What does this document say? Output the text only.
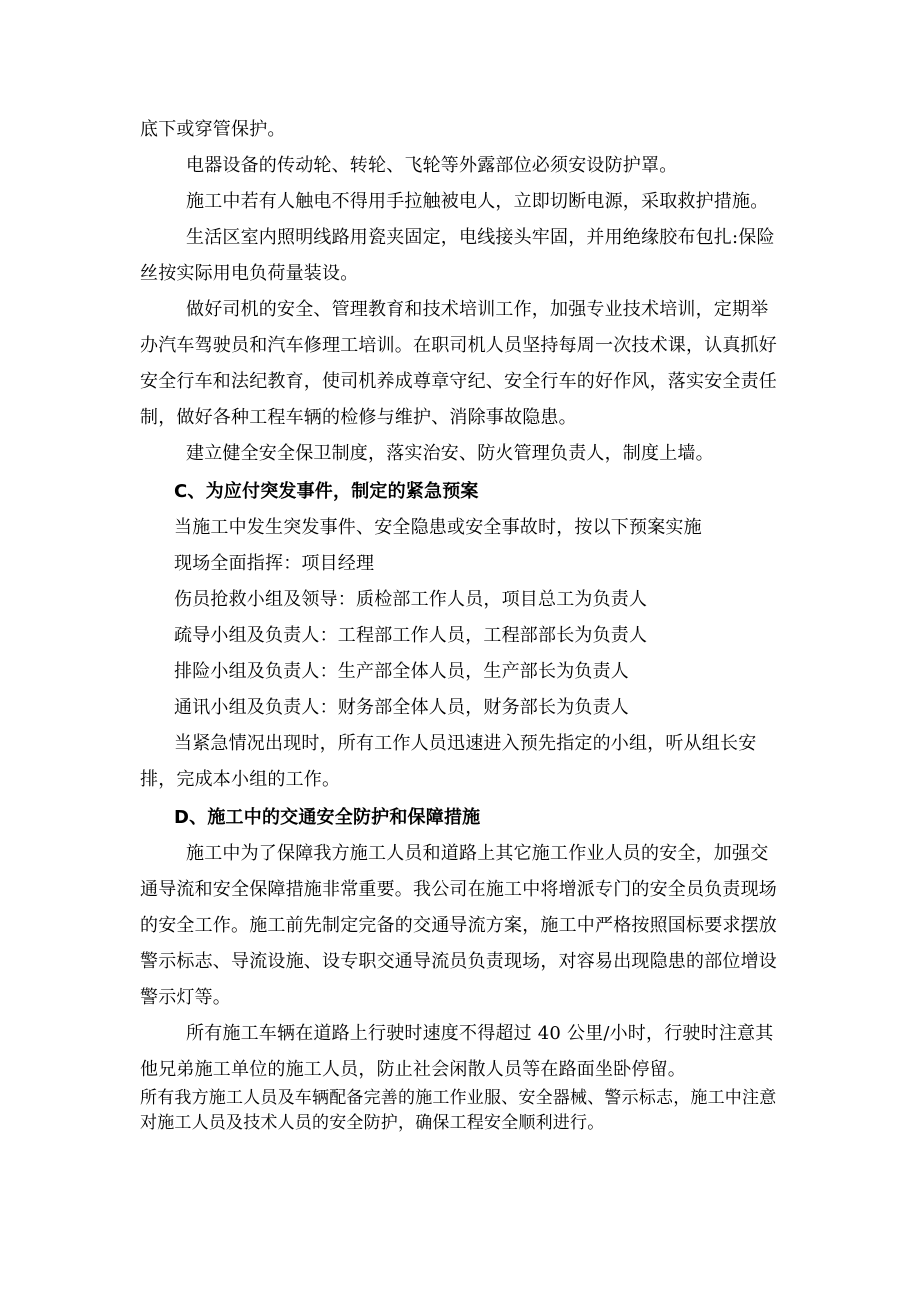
底下或穿管保护。

电器设备的传动轮、转轮、飞轮等外露部位必须安设防护罩。

施工中若有人触电不得用手拉触被电人，立即切断电源，采取救护措施。

生活区室内照明线路用瓷夹固定，电线接头牢固，并用绝缘胶布包扎:保险丝按实际用电负荷量装设。

做好司机的安全、管理教育和技术培训工作，加强专业技术培训，定期举办汽车驾驶员和汽车修理工培训。在职司机人员坚持每周一次技术课，认真抓好安全行车和法纪教育，使司机养成尊章守纪、安全行车的好作风，落实安全责任制，做好各种工程车辆的检修与维护、消除事故隐患。

建立健全安全保卫制度，落实治安、防火管理负责人，制度上墙。

C、为应付突发事件，制定的紧急预案

当施工中发生突发事件、安全隐患或安全事故时，按以下预案实施

现场全面指挥：项目经理

伤员抢救小组及领导：质检部工作人员，项目总工为负责人

疏导小组及负责人：工程部工作人员，工程部部长为负责人

排险小组及负责人：生产部全体人员，生产部长为负责人

通讯小组及负责人：财务部全体人员，财务部长为负责人

当紧急情况出现时，所有工作人员迅速进入预先指定的小组，听从组长安排，完成本小组的工作。

D、施工中的交通安全防护和保障措施

施工中为了保障我方施工人员和道路上其它施工作业人员的安全，加强交通导流和安全保障措施非常重要。我公司在施工中将增派专门的安全员负责现场的安全工作。施工前先制定完备的交通导流方案，施工中严格按照国标要求摆放警示标志、导流设施、设专职交通导流员负责现场，对容易出现隐患的部位增设警示灯等。

所有施工车辆在道路上行驶时速度不得超过 40 公里/小时，行驶时注意其他兄弟施工单位的施工人员，防止社会闲散人员等在路面坐卧停留。

所有我方施工人员及车辆配备完善的施工作业服、安全器械、警示标志，施工中注意对施工人员及技术人员的安全防护，确保工程安全顺利进行。
